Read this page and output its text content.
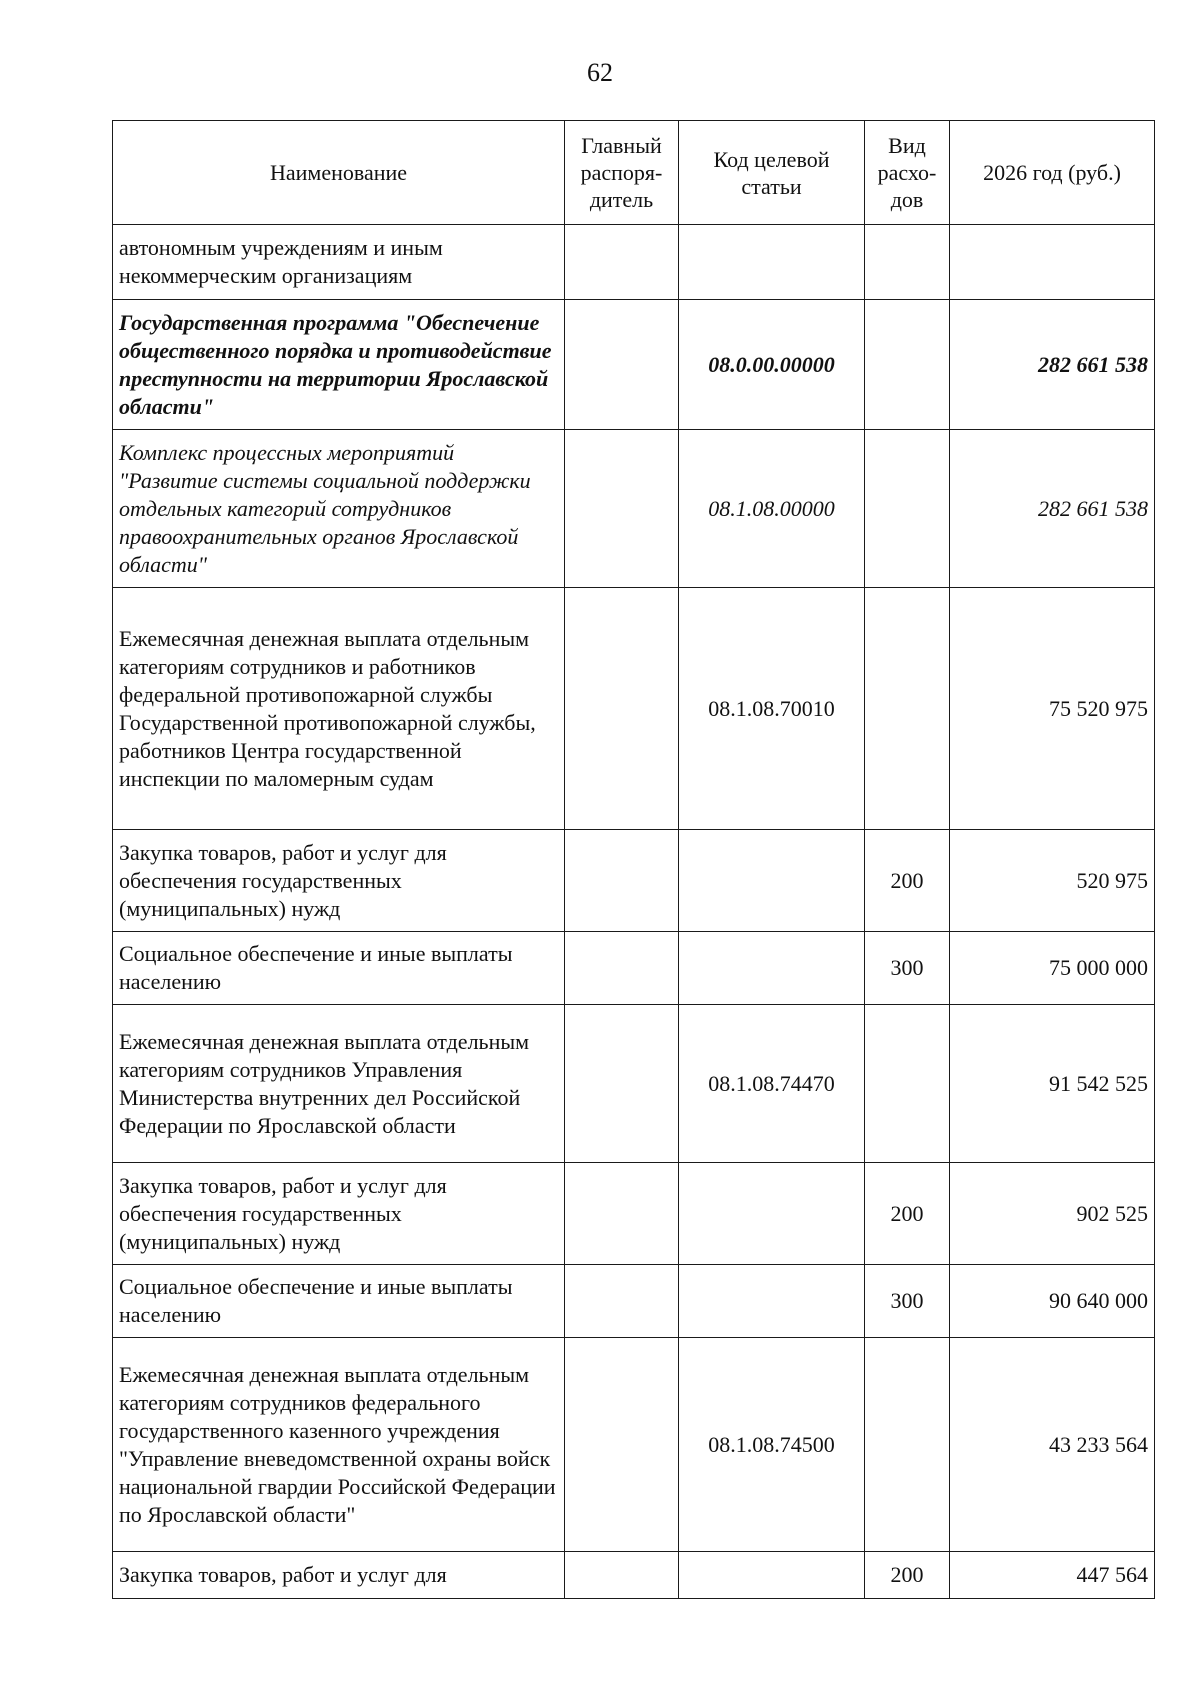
62
Наименование	Главный распоря-дитель	Код целевой статьи	Вид расхо-дов	2026 год (руб.)
автономным учреждениям и иным некоммерческим организациям				
Государственная программа "Обеспечение общественного порядка и противодействие преступности на территории Ярославской области"		08.0.00.00000		282 661 538
Комплекс процессных мероприятий "Развитие системы социальной поддержки отдельных категорий сотрудников правоохранительных органов Ярославской области"		08.1.08.00000		282 661 538
Ежемесячная денежная выплата отдельным категориям сотрудников и работников федеральной противопожарной службы Государственной противопожарной службы, работников Центра государственной инспекции по маломерным судам		08.1.08.70010		75 520 975
Закупка товаров, работ и услуг для обеспечения государственных (муниципальных) нужд			200	520 975
Социальное обеспечение и иные выплаты населению			300	75 000 000
Ежемесячная денежная выплата отдельным категориям сотрудников Управления Министерства внутренних дел Российской Федерации по Ярославской области		08.1.08.74470		91 542 525
Закупка товаров, работ и услуг для обеспечения государственных (муниципальных) нужд			200	902 525
Социальное обеспечение и иные выплаты населению			300	90 640 000
Ежемесячная денежная выплата отдельным категориям сотрудников федерального государственного казенного учреждения "Управление вневедомственной охраны войск национальной гвардии Российской Федерации по Ярославской области"		08.1.08.74500		43 233 564
Закупка товаров, работ и услуг для			200	447 564
